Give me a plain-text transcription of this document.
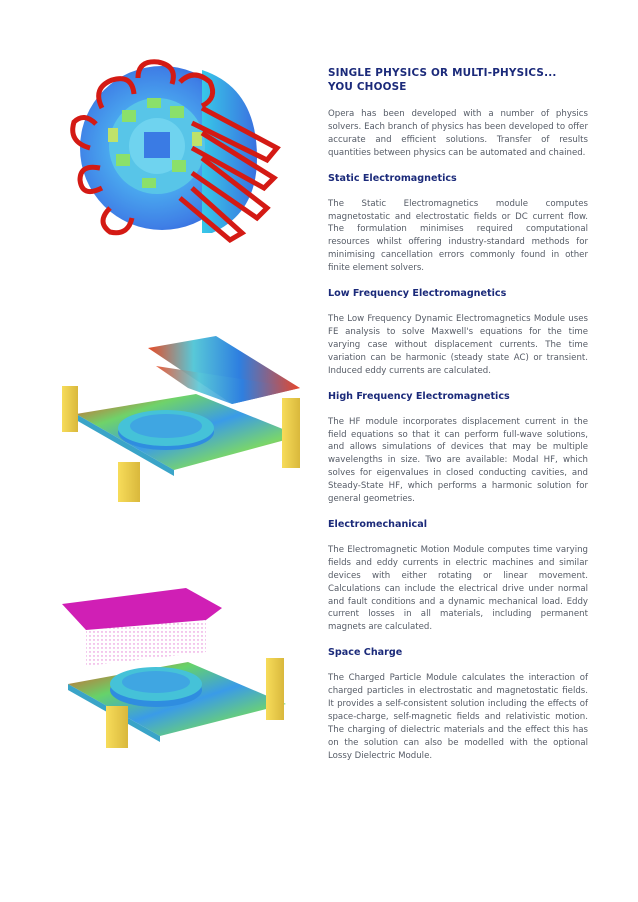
SINGLE PHYSICS OR MULTI-PHYSICS...
YOU CHOOSE

Opera has been developed with a number of physics solvers. Each branch of physics has been developed to offer accurate and efficient solutions. Transfer of results quantities between physics can be automated and chained.

Static Electromagnetics

The Static Electromagnetics module computes magnetostatic and electrostatic fields or DC current flow. The formulation minimises required computational resources whilst offering industry-standard methods for minimising cancellation errors commonly found in other finite element solvers.

Low Frequency Electromagnetics

The Low Frequency Dynamic Electromagnetics Module uses FE analysis to solve Maxwell's equations for the time varying case without displacement currents. The time variation can be harmonic (steady state AC) or transient. Induced eddy currents are calculated.

High Frequency Electromagnetics

The HF module incorporates displacement current in the field equations so that it can perform full-wave solutions, and allows simulations of devices that may be multiple wavelengths in size. Two are available: Modal HF, which solves for eigenvalues in closed conducting cavities, and Steady-State HF, which performs a harmonic solution for general geometries.

Electromechanical

The Electromagnetic Motion Module computes time varying fields and eddy currents in electric machines and similar devices with either rotating or linear movement. Calculations can include the electrical drive under normal and fault conditions and a dynamic mechanical load. Eddy current losses in all materials, including permanent magnets are calculated.

Space Charge

The Charged Particle Module calculates the interaction of charged particles in electrostatic and magnetostatic fields. It provides a self-consistent solution including the effects of space-charge, self-magnetic fields and relativistic motion. The charging of dielectric materials and the effect this has on the solution can also be modelled with the optional Lossy Dielectric Module.
